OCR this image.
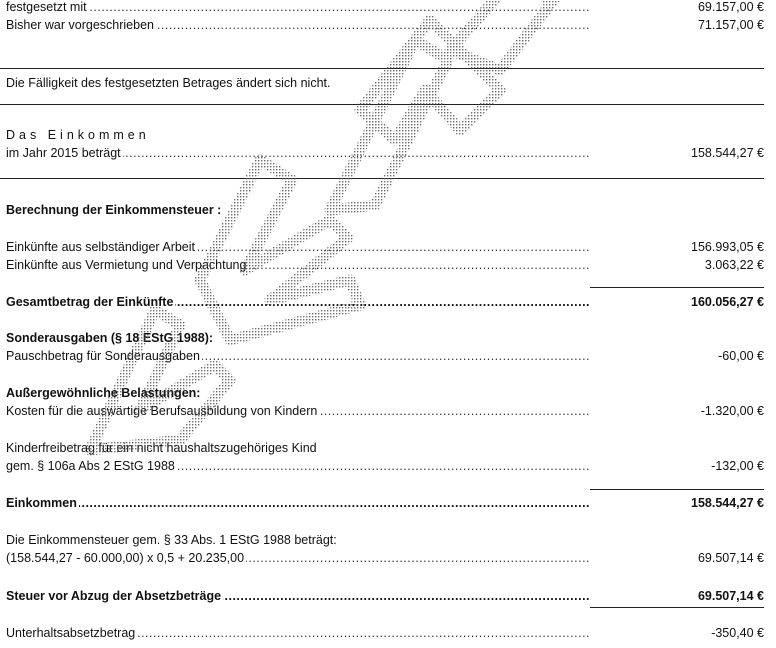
.....
festgesetzt mit	69.157,00 €
.....
Bisher war vorgeschrieben	71.157,00 €
Die Fälligkeit des festgesetzten Betrages ändert sich nicht.
Das Einkommen
.....
im Jahr 2015 beträgt	158.544,27 €
Berechnung der Einkommensteuer :
.....
Einkünfte aus selbständiger Arbeit	156.993,05 €
.....
Einkünfte aus Vermietung und Verpachtung	3.063,22 €
.....
Gesamtbetrag der Einkünfte	160.056,27 €
Sonderausgaben (§ 18 EStG 1988):
.....
Pauschbetrag für Sonderausgaben	-60,00 €
Außergewöhnliche Belastungen:
.....
Kosten für die auswärtige Berufsausbildung von Kindern	-1.320,00 €
Kinderfreibetrag für ein nicht haushaltszugehöriges Kind
.....
gem. § 106a Abs 2 EStG 1988	-132,00 €
.....
Einkommen	158.544,27 €
Die Einkommensteuer gem. § 33 Abs. 1 EStG 1988 beträgt:
.....
(158.544,27 - 60.000,00) x 0,5 + 20.235,00	69.507,14 €
.....
Steuer vor Abzug der Absetzbeträge	69.507,14 €
.....
Unterhaltsabsetzbetrag	-350,40 €
